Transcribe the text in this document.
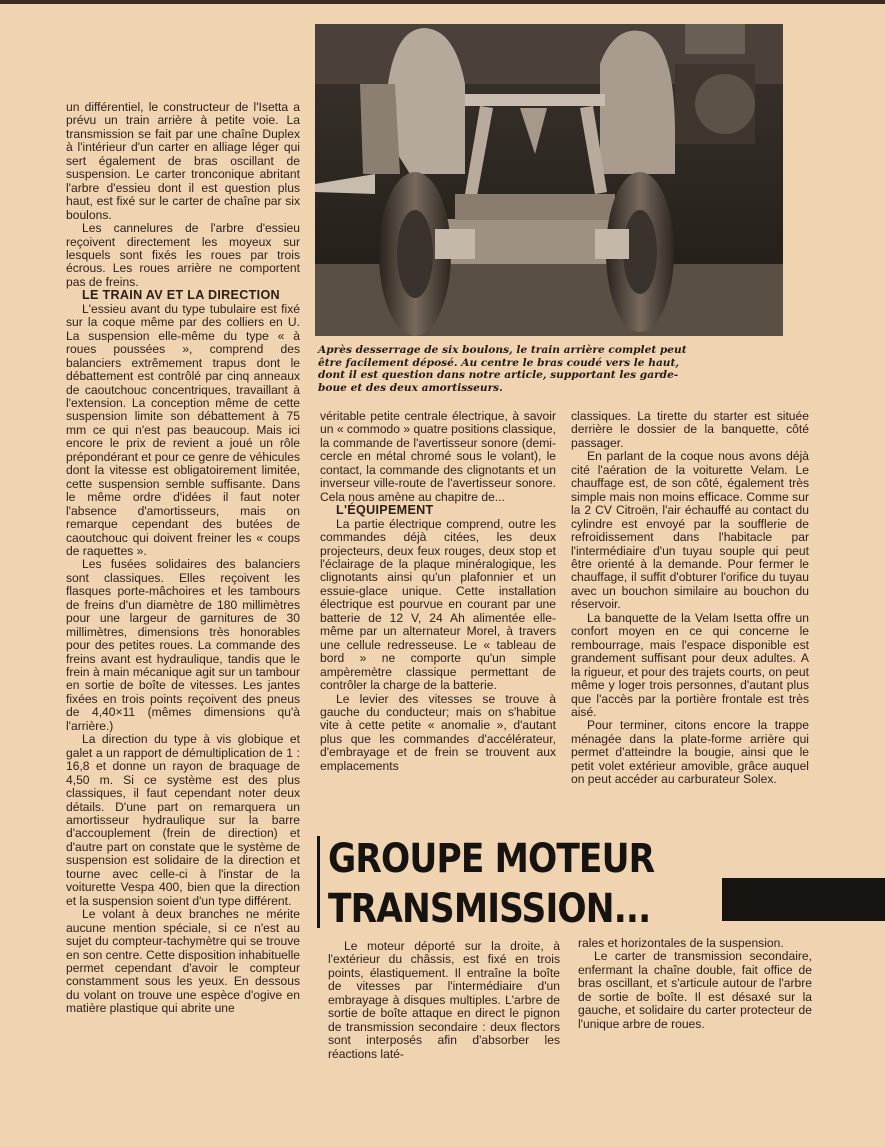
Après desserrage de six boulons, le train arrière complet peut être facilement déposé. Au centre le bras coudé vers le haut, dont il est question dans notre article, supportant les garde-boue et des deux amortisseurs.

un différentiel, le constructeur de l'Isetta a prévu un train arrière à petite voie. La transmission se fait par une chaîne Duplex à l'intérieur d'un carter en alliage léger qui sert également de bras oscillant de suspension. Le carter tronconique abritant l'arbre d'essieu dont il est question plus haut, est fixé sur le carter de chaîne par six boulons.

Les cannelures de l'arbre d'essieu reçoivent directement les moyeux sur lesquels sont fixés les roues par trois écrous. Les roues arrière ne comportent pas de freins.

LE TRAIN AV ET LA DIRECTION

L'essieu avant du type tubulaire est fixé sur la coque même par des colliers en U. La suspension elle-même du type « à roues poussées », comprend des balanciers extrêmement trapus dont le débattement est contrôlé par cinq anneaux de caoutchouc concentriques, travaillant à l'extension. La conception même de cette suspension limite son débattement à 75 mm ce qui n'est pas beaucoup. Mais ici encore le prix de revient a joué un rôle prépondérant et pour ce genre de véhicules dont la vitesse est obligatoirement limitée, cette suspension semble suffisante. Dans le même ordre d'idées il faut noter l'absence d'amortisseurs, mais on remarque cependant des butées de caoutchouc qui doivent freiner les « coups de raquettes ».

Les fusées solidaires des balanciers sont classiques. Elles reçoivent les flasques porte-mâchoires et les tambours de freins d'un diamètre de 180 millimètres pour une largeur de garnitures de 30 millimètres, dimensions très honorables pour des petites roues. La commande des freins avant est hydraulique, tandis que le frein à main mécanique agit sur un tambour en sortie de boîte de vitesses. Les jantes fixées en trois points reçoivent des pneus de 4,40×11 (mêmes dimensions qu'à l'arrière.)

La direction du type à vis globique et galet a un rapport de démultiplication de 1 : 16,8 et donne un rayon de braquage de 4,50 m. Si ce système est des plus classiques, il faut cependant noter deux détails. D'une part on remarquera un amortisseur hydraulique sur la barre d'accouplement (frein de direction) et d'autre part on constate que le système de suspension est solidaire de la direction et tourne avec celle-ci à l'instar de la voiturette Vespa 400, bien que la direction et la suspension soient d'un type différent.

Le volant à deux branches ne mérite aucune mention spéciale, si ce n'est au sujet du compteur-tachymètre qui se trouve en son centre. Cette disposition inhabituelle permet cependant d'avoir le compteur constamment sous les yeux. En dessous du volant on trouve une espèce d'ogive en matière plastique qui abrite une

véritable petite centrale électrique, à savoir un « commodo » quatre positions classique, la commande de l'avertisseur sonore (demi-cercle en métal chromé sous le volant), le contact, la commande des clignotants et un inverseur ville-route de l'avertisseur sonore. Cela nous amène au chapitre de...

L'ÉQUIPEMENT

La partie électrique comprend, outre les commandes déjà citées, les deux projecteurs, deux feux rouges, deux stop et l'éclairage de la plaque minéralogique, les clignotants ainsi qu'un plafonnier et un essuie-glace unique. Cette installation électrique est pourvue en courant par une batterie de 12 V, 24 Ah alimentée elle-même par un alternateur Morel, à travers une cellule redresseuse. Le « tableau de bord » ne comporte qu'un simple ampèremètre classique permettant de contrôler la charge de la batterie.

Le levier des vitesses se trouve à gauche du conducteur; mais on s'habitue vite à cette petite « anomalie », d'autant plus que les commandes d'accélérateur, d'embrayage et de frein se trouvent aux emplacements

classiques. La tirette du starter est située derrière le dossier de la banquette, côté passager.

En parlant de la coque nous avons déjà cité l'aération de la voiturette Velam. Le chauffage est, de son côté, également très simple mais non moins efficace. Comme sur la 2 CV Citroën, l'air échauffé au contact du cylindre est envoyé par la soufflerie de refroidissement dans l'habitacle par l'intermédiaire d'un tuyau souple qui peut être orienté à la demande. Pour fermer le chauffage, il suffit d'obturer l'orifice du tuyau avec un bouchon similaire au bouchon du réservoir.

La banquette de la Velam Isetta offre un confort moyen en ce qui concerne le rembourrage, mais l'espace disponible est grandement suffisant pour deux adultes. A la rigueur, et pour des trajets courts, on peut même y loger trois personnes, d'autant plus que l'accès par la portière frontale est très aisé.

Pour terminer, citons encore la trappe ménagée dans la plate-forme arrière qui permet d'atteindre la bougie, ainsi que le petit volet extérieur amovible, grâce auquel on peut accéder au carburateur Solex.

GROUPE MOTEUR
TRANSMISSION...

Le moteur déporté sur la droite, à l'extérieur du châssis, est fixé en trois points, élastiquement. Il entraîne la boîte de vitesses par l'intermédiaire d'un embrayage à disques multiples. L'arbre de sortie de boîte attaque en direct le pignon de transmission secondaire : deux flectors sont interposés afin d'absorber les réactions laté-

rales et horizontales de la suspension.

Le carter de transmission secondaire, enfermant la chaîne double, fait office de bras oscillant, et s'articule autour de l'arbre de sortie de boîte. Il est désaxé sur la gauche, et solidaire du carter protecteur de l'unique arbre de roues.
